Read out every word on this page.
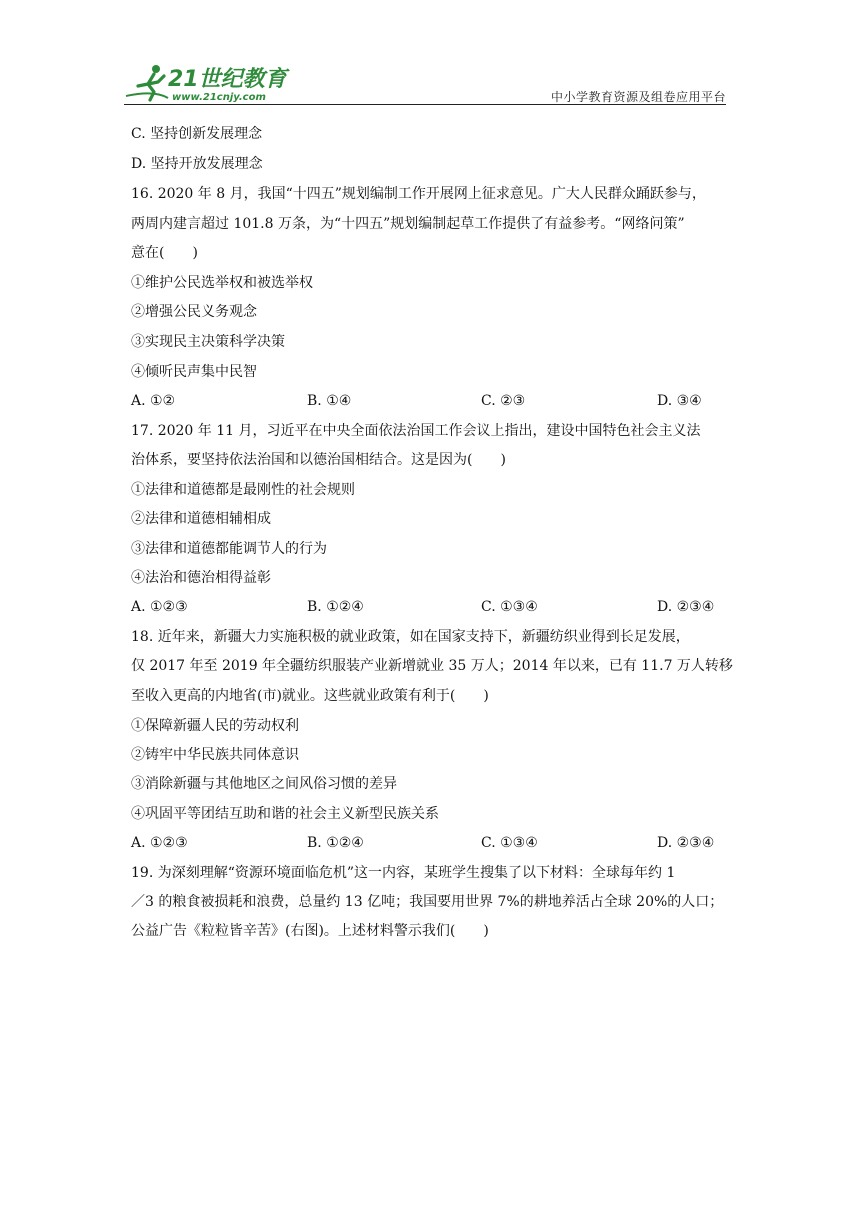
21世纪教育
www.21cnjy.com	中小学教育资源及组卷应用平台
C. 坚持创新发展理念
D. 坚持开放发展理念
16. 2020 年 8 月，我国“十四五”规划编制工作开展网上征求意见。广大人民群众踊跃参与，
两周内建言超过 101.8 万条，为“十四五”规划编制起草工作提供了有益参考。“网络问策”
意在(　　)
①维护公民选举权和被选举权
②增强公民义务观念
③实现民主决策科学决策
④倾听民声集中民智
A. ①②	B. ①④	C. ②③	D. ③④
17. 2020 年 11 月，习近平在中央全面依法治国工作会议上指出，建设中国特色社会主义法
治体系，要坚持依法治国和以德治国相结合。这是因为(　　)
①法律和道德都是最刚性的社会规则
②法律和道德相辅相成
③法律和道德都能调节人的行为
④法治和德治相得益彰
A. ①②③	B. ①②④	C. ①③④	D. ②③④
18. 近年来，新疆大力实施积极的就业政策，如在国家支持下，新疆纺织业得到长足发展，
仅 2017 年至 2019 年全疆纺织服装产业新增就业 35 万人；2014 年以来，已有 11.7 万人转移
至收入更高的内地省(市)就业。这些就业政策有利于(　　)
①保障新疆人民的劳动权利
②铸牢中华民族共同体意识
③消除新疆与其他地区之间风俗习惯的差异
④巩固平等团结互助和谐的社会主义新型民族关系
A. ①②③	B. ①②④	C. ①③④	D. ②③④
19. 为深刻理解“资源环境面临危机”这一内容，某班学生搜集了以下材料：全球每年约 1
／3 的粮食被损耗和浪费，总量约 13 亿吨；我国要用世界 7%的耕地养活占全球 20%的人口；
公益广告《粒粒皆辛苦》(右图)。上述材料警示我们(　　)
